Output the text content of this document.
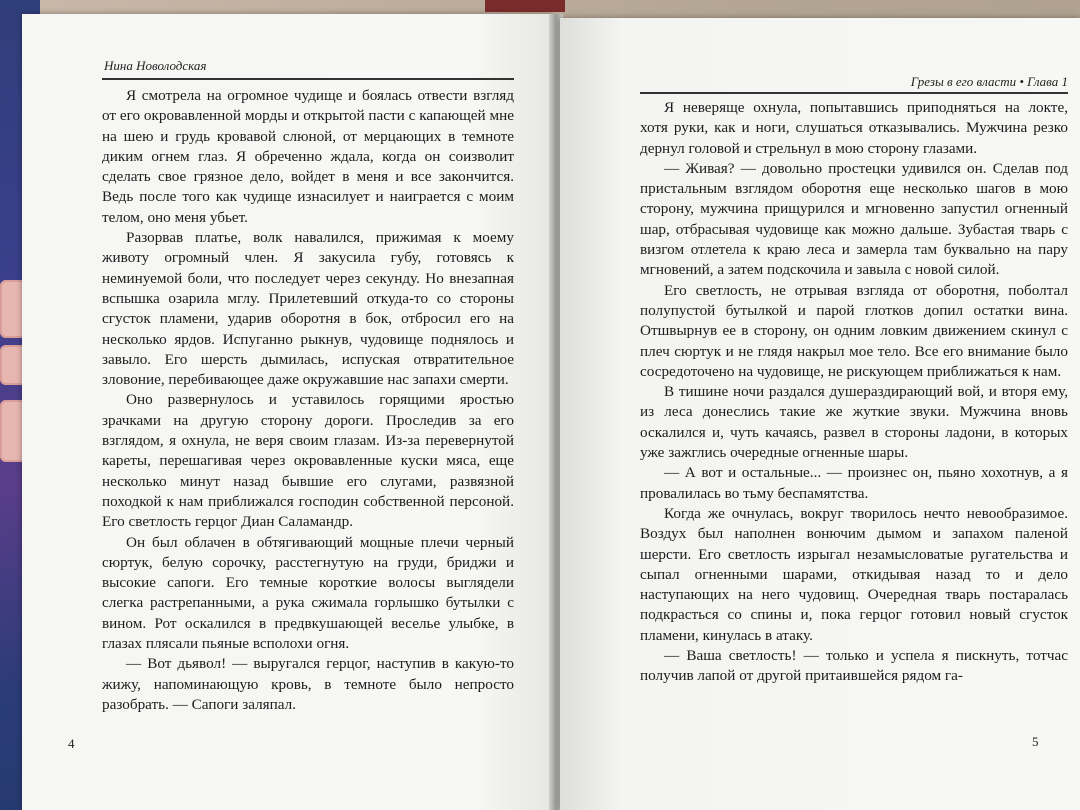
Нина Новолодская

Я смотрела на огромное чудище и боялась отвести взгляд от его окровавленной морды и открытой пасти с капающей мне на шею и грудь кровавой слюной, от мерцающих в темноте диким огнем глаз. Я обреченно ждала, когда он соизволит сделать свое грязное дело, войдет в меня и все закончится. Ведь после того как чудище изнасилует и наиграется с моим телом, оно меня убьет.

Разорвав платье, волк навалился, прижимая к моему животу огромный член. Я закусила губу, готовясь к неминуемой боли, что последует через секунду. Но внезапная вспышка озарила мглу. Прилетевший откуда-то со стороны сгусток пламени, ударив оборотня в бок, отбросил его на несколько ярдов. Испуганно рыкнув, чудовище поднялось и завыло. Его шерсть дымилась, испуская отвратительное зловоние, перебивающее даже окружавшие нас запахи смерти.

Оно развернулось и уставилось горящими яростью зрачками на другую сторону дороги. Проследив за его взглядом, я охнула, не веря своим глазам. Из-за перевернутой кареты, перешагивая через окровавленные куски мяса, еще несколько минут назад бывшие его слугами, развязной походкой к нам приближался господин собственной персоной. Его светлость герцог Диан Саламандр.

Он был облачен в обтягивающий мощные плечи черный сюртук, белую сорочку, расстегнутую на груди, бриджи и высокие сапоги. Его темные короткие волосы выглядели слегка растрепанными, а рука сжимала горлышко бутылки с вином. Рот оскалился в предвкушающей веселье улыбке, в глазах плясали пьяные всполохи огня.

— Вот дьявол! — выругался герцог, наступив в какую-то жижу, напоминающую кровь, в темноте было непросто разобрать. — Сапоги заляпал.

4
Грезы в его власти • Глава 1

Я неверяще охнула, попытавшись приподняться на локте, хотя руки, как и ноги, слушаться отказывались. Мужчина резко дернул головой и стрельнул в мою сторону глазами.

— Живая? — довольно простецки удивился он. Сделав под пристальным взглядом оборотня еще несколько шагов в мою сторону, мужчина прищурился и мгновенно запустил огненный шар, отбрасывая чудовище как можно дальше. Зубастая тварь с визгом отлетела к краю леса и замерла там буквально на пару мгновений, а затем подскочила и завыла с новой силой.

Его светлость, не отрывая взгляда от оборотня, поболтал полупустой бутылкой и парой глотков допил остатки вина. Отшвырнув ее в сторону, он одним ловким движением скинул с плеч сюртук и не глядя накрыл мое тело. Все его внимание было сосредоточено на чудовище, не рискующем приближаться к нам.

В тишине ночи раздался душераздирающий вой, и вторя ему, из леса донеслись такие же жуткие звуки. Мужчина вновь оскалился и, чуть качаясь, развел в стороны ладони, в которых уже зажглись очередные огненные шары.

— А вот и остальные... — произнес он, пьяно хохотнув, а я провалилась во тьму беспамятства.

Когда же очнулась, вокруг творилось нечто невообразимое. Воздух был наполнен вонючим дымом и запахом паленой шерсти. Его светлость изрыгал незамысловатые ругательства и сыпал огненными шарами, откидывая назад то и дело наступающих на него чудовищ. Очередная тварь постаралась подкрасться со спины и, пока герцог готовил новый сгусток пламени, кинулась в атаку.

— Ваша светлость! — только и успела я пискнуть, тотчас получив лапой от другой притаившейся рядом га-

5
